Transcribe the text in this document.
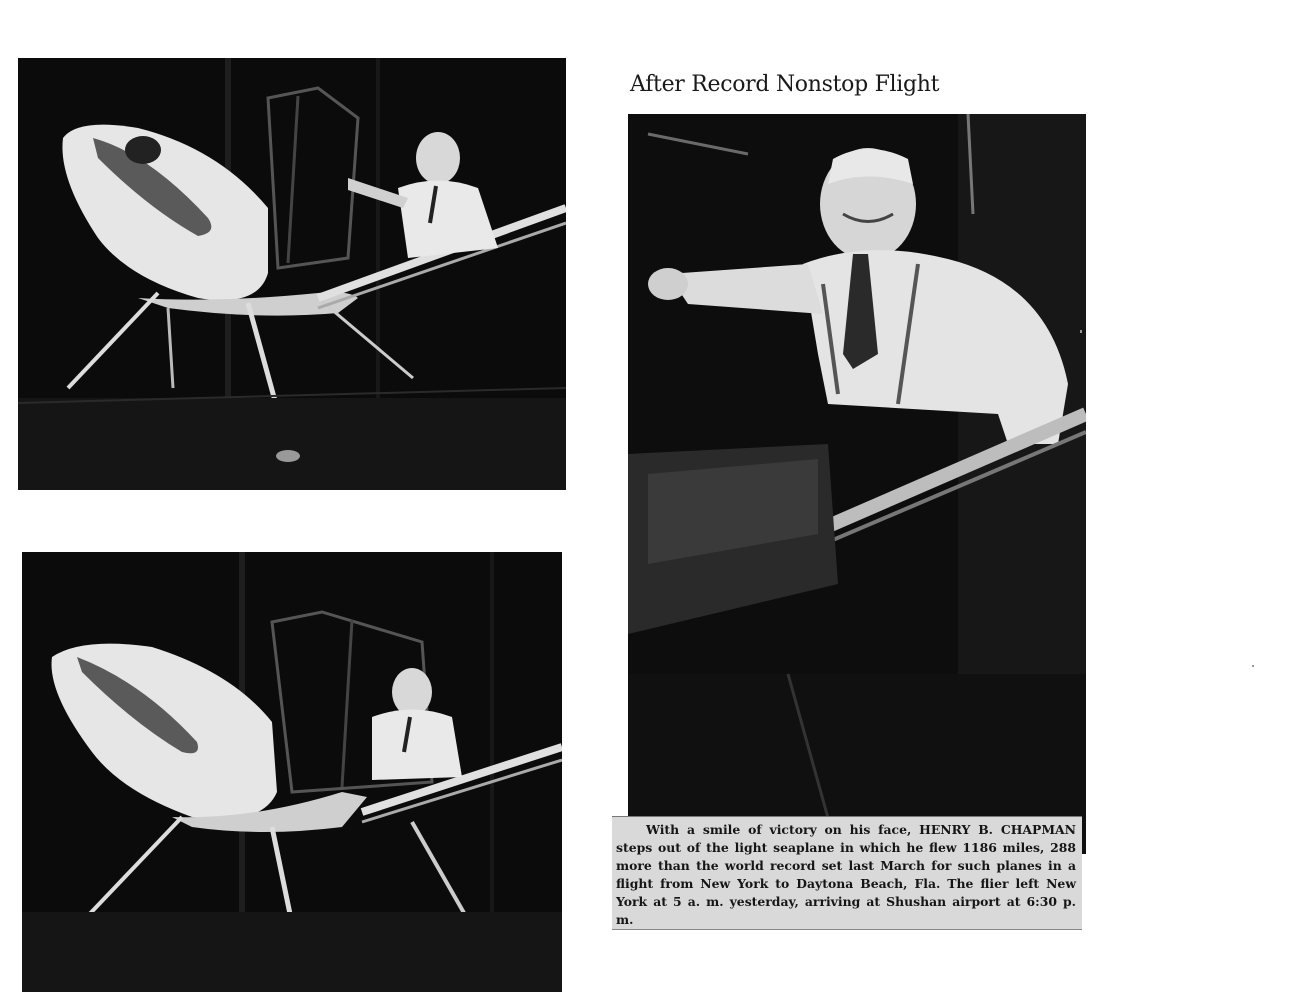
After Record Nonstop Flight

With a smile of victory on his face, HENRY B. CHAPMAN steps out of the light seaplane in which he flew 1186 miles, 288 more than the world record set last March for such planes in a flight from New York to Daytona Beach, Fla. The flier left New York at 5 a. m. yesterday, arriving at Shushan airport at 6:30 p. m.
